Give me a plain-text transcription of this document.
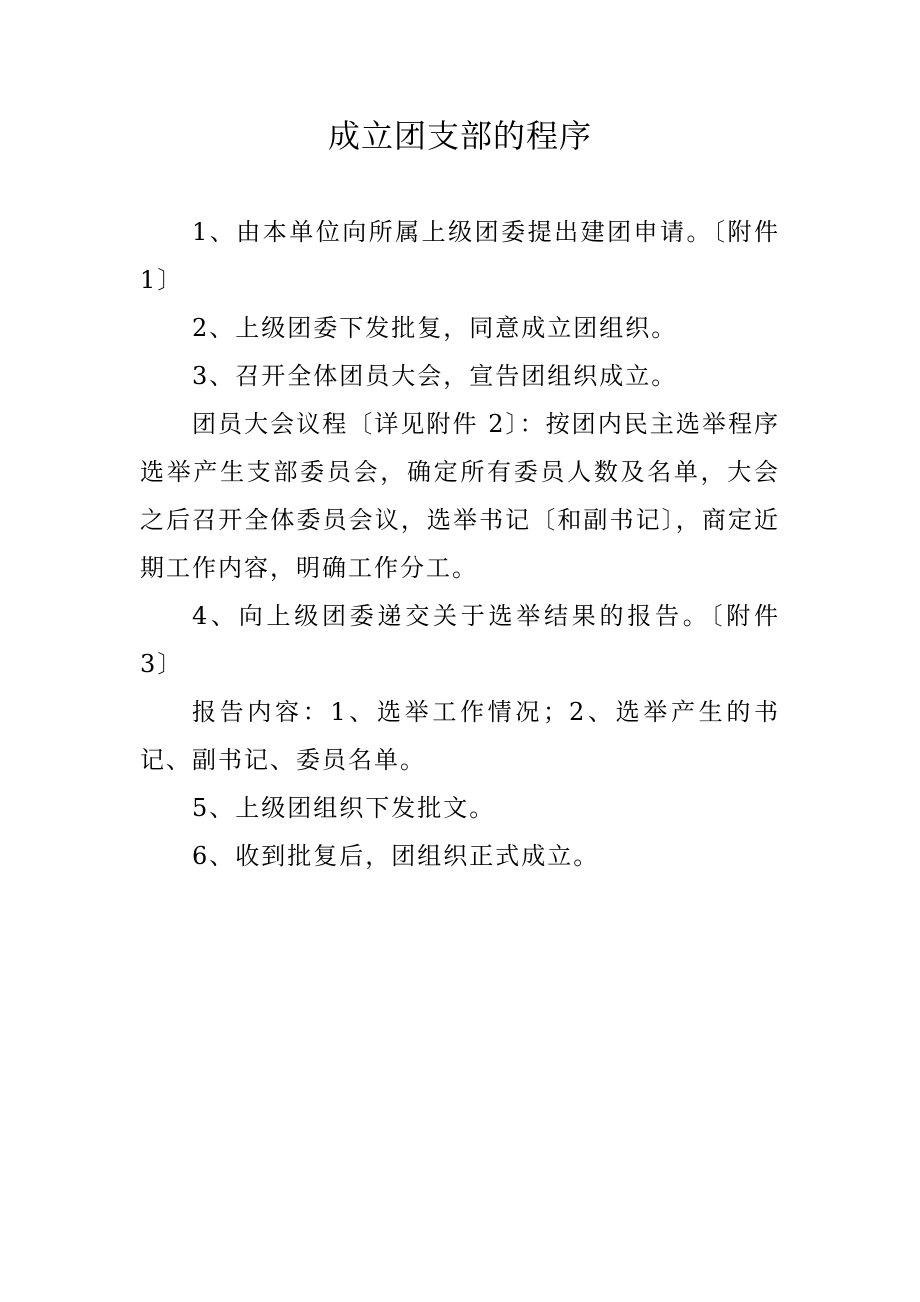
成立团支部的程序

1、由本单位向所属上级团委提出建团申请。〔附件 1〕

2、上级团委下发批复，同意成立团组织。

3、召开全体团员大会，宣告团组织成立。

团员大会议程〔详见附件 2〕：按团内民主选举程序选举产生支部委员会，确定所有委员人数及名单，大会之后召开全体委员会议，选举书记〔和副书记〕，商定近期工作内容，明确工作分工。

4、向上级团委递交关于选举结果的报告。〔附件 3〕

报告内容：1、选举工作情况；2、选举产生的书记、副书记、委员名单。

5、上级团组织下发批文。

6、收到批复后，团组织正式成立。
